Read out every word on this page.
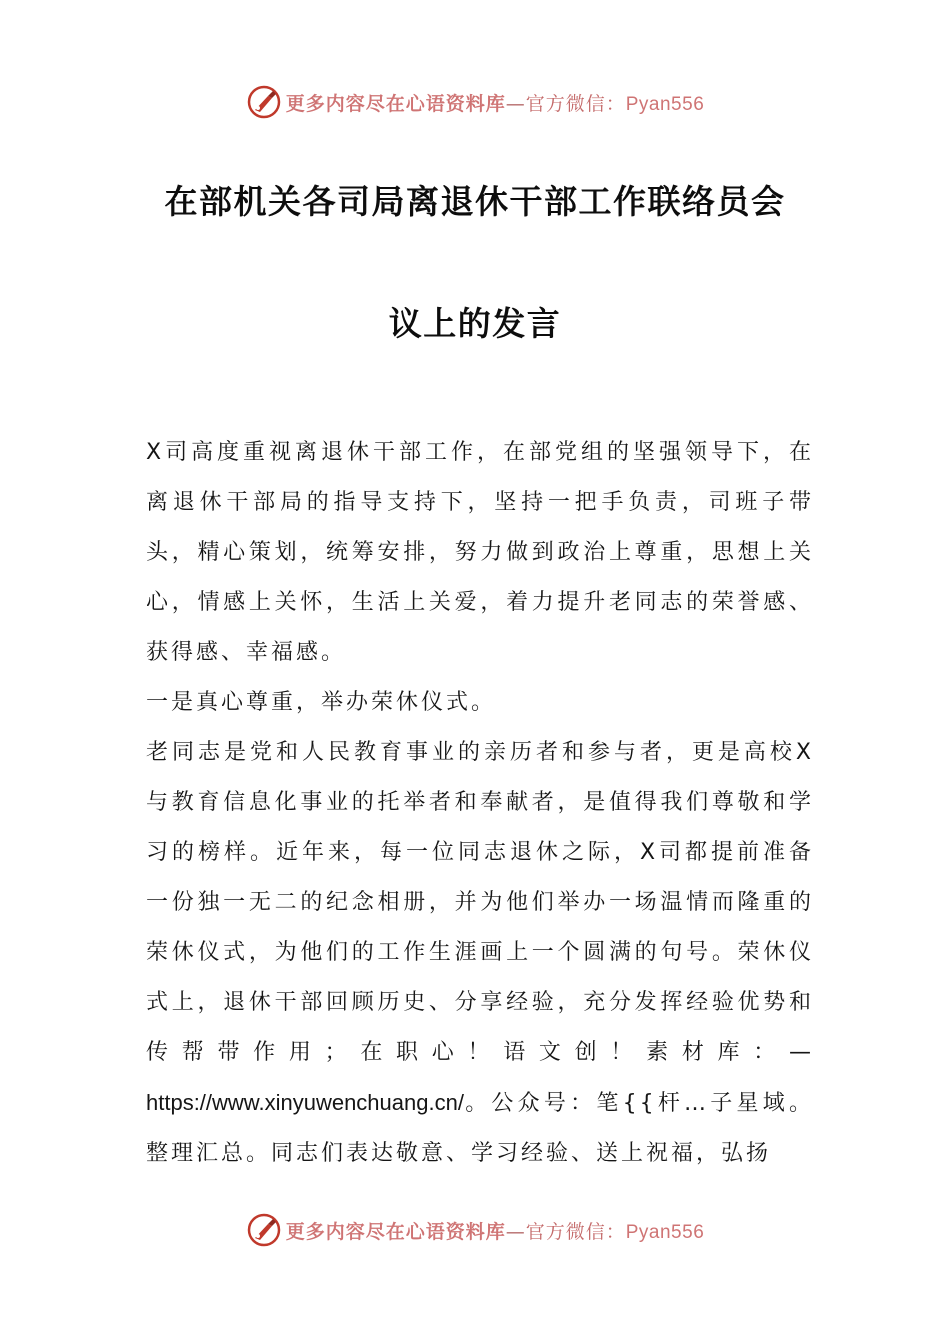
更多内容尽在心语资料库—官方微信：Pyan556
在部机关各司局离退休干部工作联络员会
议上的发言

X司高度重视离退休干部工作，在部党组的坚强领导下，在离退休干部局的指导支持下，坚持一把手负责，司班子带头，精心策划，统筹安排，努力做到政治上尊重，思想上关心，情感上关怀，生活上关爱，着力提升老同志的荣誉感、获得感、幸福感。

一是真心尊重，举办荣休仪式。

老同志是党和人民教育事业的亲历者和参与者，更是高校X与教育信息化事业的托举者和奉献者，是值得我们尊敬和学习的榜样。近年来，每一位同志退休之际，X司都提前准备一份独一无二的纪念相册，并为他们举办一场温情而隆重的荣休仪式，为他们的工作生涯画上一个圆满的句号。荣休仪式上，退休干部回顾历史、分享经验，充分发挥经验优势和传帮带作用；在职心！语文创！素材库：—https://www.xinyuwenchuang.cn/。公众号：笔{{杆…子星域。整理汇总。同志们表达敬意、学习经验、送上祝福，弘扬

更多内容尽在心语资料库—官方微信：Pyan556
